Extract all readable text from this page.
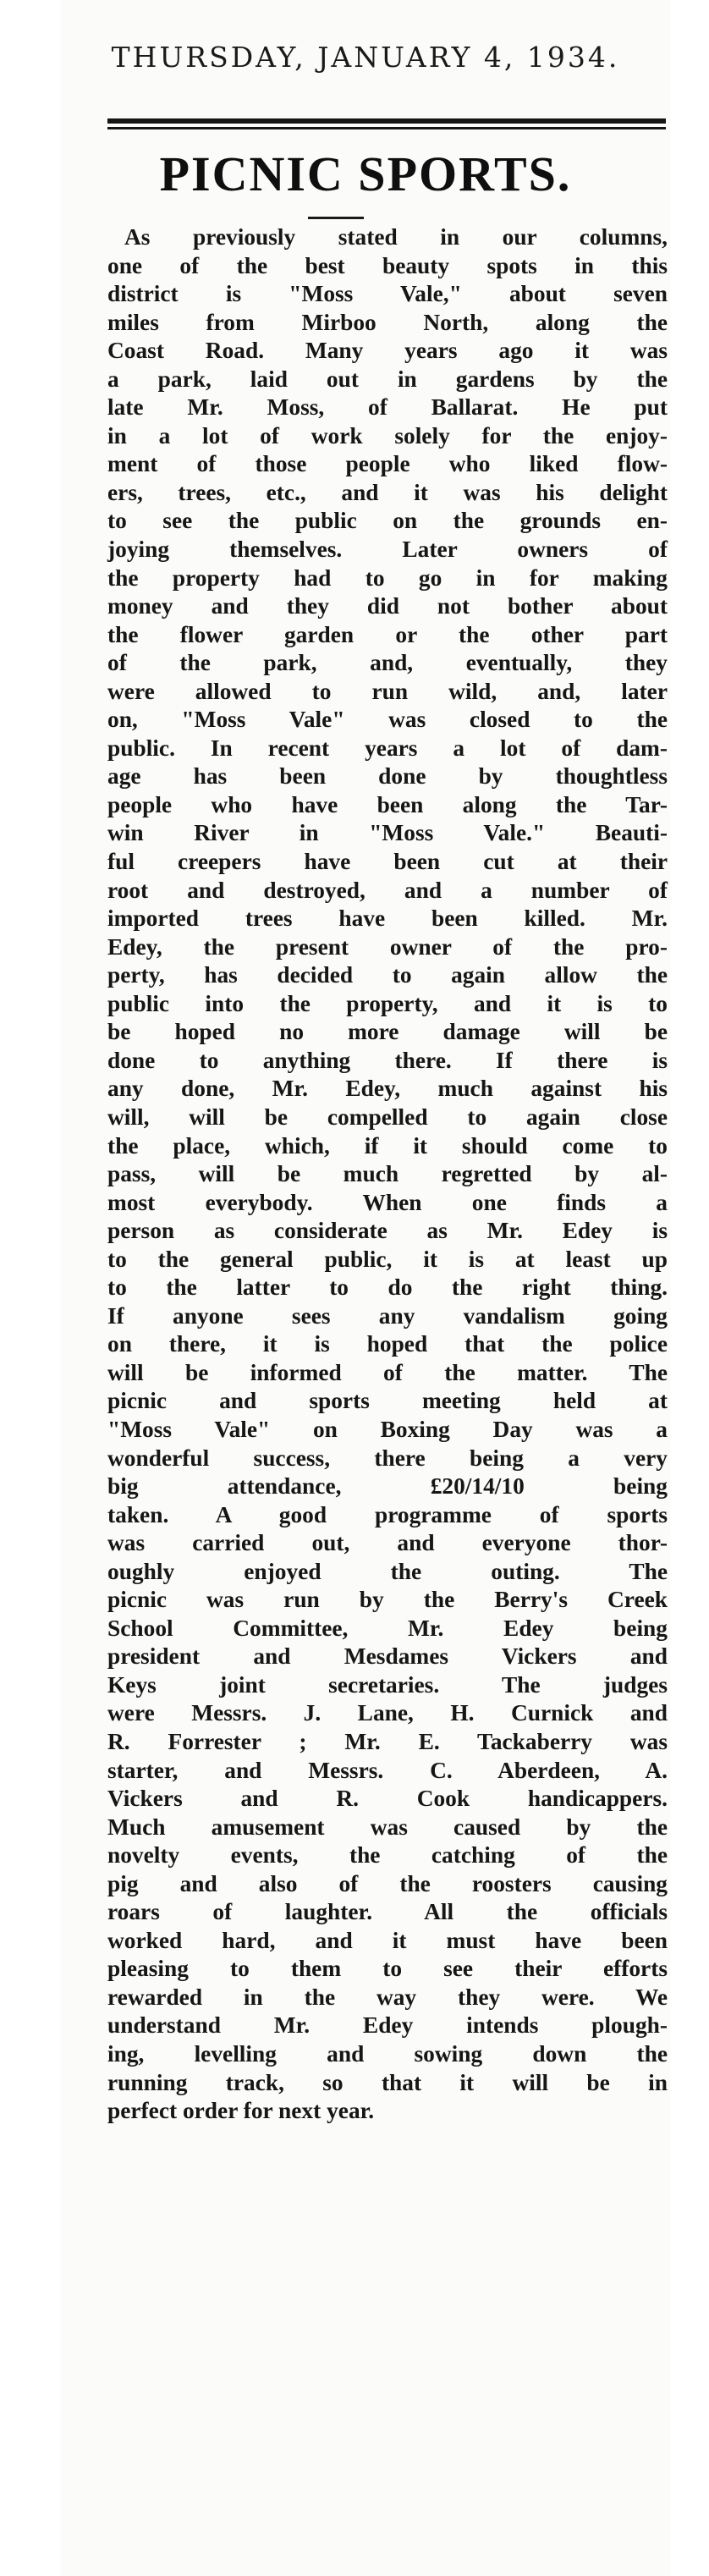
THURSDAY, JANUARY 4, 1934.
PICNIC SPORTS.
As previously stated in our columns,
one of the best beauty spots in this
district is "Moss Vale," about seven
miles from Mirboo North, along the
Coast Road. Many years ago it was
a park, laid out in gardens by the
late Mr. Moss, of Ballarat. He put
in a lot of work solely for the enjoy-
ment of those people who liked flow-
ers, trees, etc., and it was his delight
to see the public on the grounds en-
joying themselves. Later owners of
the property had to go in for making
money and they did not bother about
the flower garden or the other part
of the park, and, eventually, they
were allowed to run wild, and, later
on, "Moss Vale" was closed to the
public. In recent years a lot of dam-
age has been done by thoughtless
people who have been along the Tar-
win River in "Moss Vale." Beauti-
ful creepers have been cut at their
root and destroyed, and a number of
imported trees have been killed. Mr.
Edey, the present owner of the pro-
perty, has decided to again allow the
public into the property, and it is to
be hoped no more damage will be
done to anything there. If there is
any done, Mr. Edey, much against his
will, will be compelled to again close
the place, which, if it should come to
pass, will be much regretted by al-
most everybody. When one finds a
person as considerate as Mr. Edey is
to the general public, it is at least up
to the latter to do the right thing.
If anyone sees any vandalism going
on there, it is hoped that the police
will be informed of the matter. The
picnic and sports meeting held at
"Moss Vale" on Boxing Day was a
wonderful success, there being a very
big attendance, £20/14/10 being
taken. A good programme of sports
was carried out, and everyone thor-
oughly enjoyed the outing. The
picnic was run by the Berry's Creek
School Committee, Mr. Edey being
president and Mesdames Vickers and
Keys joint secretaries. The judges
were Messrs. J. Lane, H. Curnick and
R. Forrester ; Mr. E. Tackaberry was
starter, and Messrs. C. Aberdeen, A.
Vickers and R. Cook handicappers.
Much amusement was caused by the
novelty events, the catching of the
pig and also of the roosters causing
roars of laughter. All the officials
worked hard, and it must have been
pleasing to them to see their efforts
rewarded in the way they were. We
understand Mr. Edey intends plough-
ing, levelling and sowing down the
running track, so that it will be in
perfect order for next year.
